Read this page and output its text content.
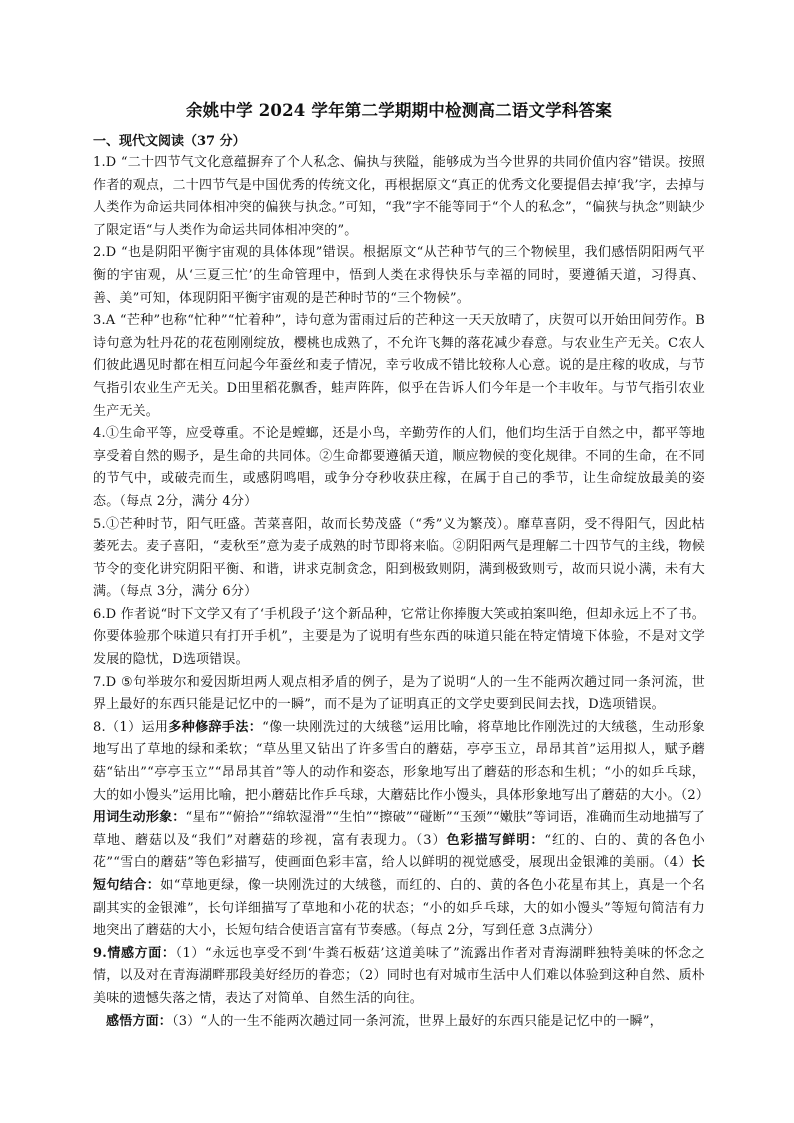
余姚中学 2024 学年第二学期期中检测高二语文学科答案
一、现代文阅读（37 分）

1.D “二十四节气文化意蕴摒弃了个人私念、偏执与狭隘，能够成为当今世界的共同价值内容”错误。按照作者的观点，二十四节气是中国优秀的传统文化，再根据原文“真正的优秀文化要提倡去掉‘我’字，去掉与人类作为命运共同体相冲突的偏狭与执念。”可知，“我”字不能等同于“个人的私念”，“偏狭与执念”则缺少了限定语“与人类作为命运共同体相冲突的”。

2.D “也是阴阳平衡宇宙观的具体体现”错误。根据原文“从芒种节气的三个物候里，我们感悟阴阳两气平衡的宇宙观，从‘三夏三忙’的生命管理中，悟到人类在求得快乐与幸福的同时，要遵循天道，习得真、善、美”可知，体现阴阳平衡宇宙观的是芒种时节的“三个物候”。

3.A “芒种”也称“忙种”“忙着种”，诗句意为雷雨过后的芒种这一天天放晴了，庆贺可以开始田间劳作。B诗句意为牡丹花的花苞刚刚绽放，樱桃也成熟了，不允许飞舞的落花减少春意。与农业生产无关。C农人们彼此遇见时都在相互问起今年蚕丝和麦子情况，幸亏收成不错比较称人心意。说的是庄稼的收成，与节气指引农业生产无关。D田里稻花飘香，蛙声阵阵，似乎在告诉人们今年是一个丰收年。与节气指引农业生产无关。

4.①生命平等，应受尊重。不论是螳螂，还是小鸟，辛勤劳作的人们，他们均生活于自然之中，都平等地享受着自然的赐予，是生命的共同体。②生命都要遵循天道，顺应物候的变化规律。不同的生命，在不同的节气中，或破壳而生，或感阴鸣唱，或争分夺秒收获庄稼，在属于自己的季节，让生命绽放最美的姿态。（每点 2分，满分 4分）

5.①芒种时节，阳气旺盛。苦菜喜阳，故而长势茂盛（“秀”义为繁茂）。靡草喜阴，受不得阳气，因此枯萎死去。麦子喜阳，“麦秋至”意为麦子成熟的时节即将来临。②阴阳两气是理解二十四节气的主线，物候节令的变化讲究阴阳平衡、和谐，讲求克制贪念，阳到极致则阴，满到极致则亏，故而只说小满，未有大满。（每点 3分，满分 6分）

6.D 作者说“时下文学又有了‘手机段子’这个新品种，它常让你捧腹大笑或拍案叫绝，但却永远上不了书。你要体验那个味道只有打开手机”，主要是为了说明有些东西的味道只能在特定情境下体验，不是对文学发展的隐忧，D选项错误。

7.D ⑤句举玻尔和爱因斯坦两人观点相矛盾的例子，是为了说明“人的一生不能两次趟过同一条河流，世界上最好的东西只能是记忆中的一瞬”，而不是为了证明真正的文学史要到民间去找，D选项错误。

8.（1）运用多种修辞手法：“像一块刚洗过的大绒毯”运用比喻，将草地比作刚洗过的大绒毯，生动形象地写出了草地的绿和柔软；“草丛里又钻出了许多雪白的蘑菇，亭亭玉立，昂昂其首”运用拟人，赋予蘑菇“钻出”“亭亭玉立”“昂昂其首”等人的动作和姿态，形象地写出了蘑菇的形态和生机；“小的如乒乓球，大的如小馒头”运用比喻，把小蘑菇比作乒乓球，大蘑菇比作小馒头，具体形象地写出了蘑菇的大小。（2）用词生动形象：“星布”“俯拾”“绵软湿滑”“生怕”“擦破”“碰断”“玉颈”“嫩肤”等词语，准确而生动地描写了草地、蘑菇以及“我们”对蘑菇的珍视，富有表现力。（3）色彩描写鲜明：“红的、白的、黄的各色小花”“雪白的蘑菇”等色彩描写，使画面色彩丰富，给人以鲜明的视觉感受，展现出金银滩的美丽。（4）长短句结合：如“草地更绿，像一块刚洗过的大绒毯，而红的、白的、黄的各色小花星布其上，真是一个名副其实的金银滩”，长句详细描写了草地和小花的状态；“小的如乒乓球，大的如小馒头”等短句简洁有力地突出了蘑菇的大小，长短句结合使语言富有节奏感。（每点 2分，写到任意 3点满分）

9.情感方面：（1）“永远也享受不到‘牛粪石板菇’这道美味了”流露出作者对青海湖畔独特美味的怀念之情，以及对在青海湖畔那段美好经历的眷恋；（2）同时也有对城市生活中人们难以体验到这种自然、质朴美味的遗憾失落之情，表达了对简单、自然生活的向往。

感悟方面：（3）“人的一生不能两次趟过同一条河流，世界上最好的东西只能是记忆中的一瞬”，
